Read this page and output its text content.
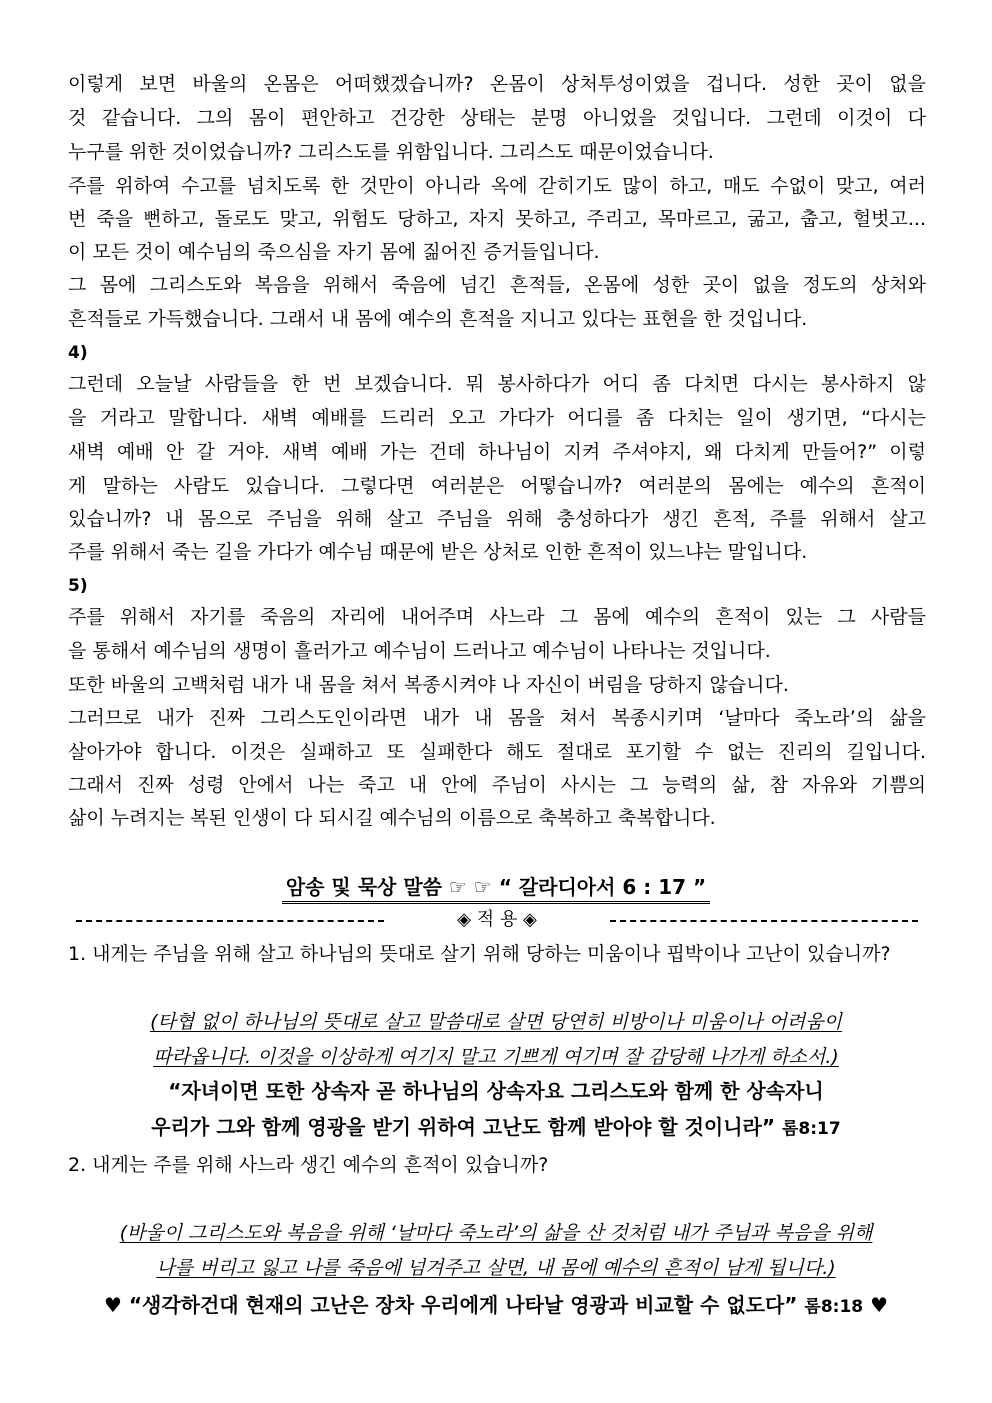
이렇게 보면 바울의 온몸은 어떠했겠습니까? 온몸이 상처투성이였을 겁니다. 성한 곳이 없을
것 같습니다. 그의 몸이 편안하고 건강한 상태는 분명 아니었을 것입니다. 그런데 이것이 다
누구를 위한 것이었습니까? 그리스도를 위함입니다. 그리스도 때문이었습니다.
주를 위하여 수고를 넘치도록 한 것만이 아니라 옥에 갇히기도 많이 하고, 매도 수없이 맞고, 여러
번 죽을 뻔하고, 돌로도 맞고, 위험도 당하고, 자지 못하고, 주리고, 목마르고, 굶고, 춥고, 헐벗고...
이 모든 것이 예수님의 죽으심을 자기 몸에 짊어진 증거들입니다.
그 몸에 그리스도와 복음을 위해서 죽음에 넘긴 흔적들, 온몸에 성한 곳이 없을 정도의 상처와
흔적들로 가득했습니다. 그래서 내 몸에 예수의 흔적을 지니고 있다는 표현을 한 것입니다.
4)
그런데 오늘날 사람들을 한 번 보겠습니다. 뭐 봉사하다가 어디 좀 다치면 다시는 봉사하지 않
을 거라고 말합니다. 새벽 예배를 드리러 오고 가다가 어디를 좀 다치는 일이 생기면, “다시는
새벽 예배 안 갈 거야. 새벽 예배 가는 건데 하나님이 지켜 주셔야지, 왜 다치게 만들어?” 이렇
게 말하는 사람도 있습니다. 그렇다면 여러분은 어떻습니까? 여러분의 몸에는 예수의 흔적이
있습니까? 내 몸으로 주님을 위해 살고 주님을 위해 충성하다가 생긴 흔적, 주를 위해서 살고
주를 위해서 죽는 길을 가다가 예수님 때문에 받은 상처로 인한 흔적이 있느냐는 말입니다.
5)
주를 위해서 자기를 죽음의 자리에 내어주며 사느라 그 몸에 예수의 흔적이 있는 그 사람들
을 통해서 예수님의 생명이 흘러가고 예수님이 드러나고 예수님이 나타나는 것입니다.
또한 바울의 고백처럼 내가 내 몸을 쳐서 복종시켜야 나 자신이 버림을 당하지 않습니다.
그러므로 내가 진짜 그리스도인이라면 내가 내 몸을 쳐서 복종시키며 ‘날마다 죽노라’의 삶을
살아가야 합니다. 이것은 실패하고 또 실패한다 해도 절대로 포기할 수 없는 진리의 길입니다.
그래서 진짜 성령 안에서 나는 죽고 내 안에 주님이 사시는 그 능력의 삶, 참 자유와 기쁨의
삶이 누려지는 복된 인생이 다 되시길 예수님의 이름으로 축복하고 축복합니다.
암송 및 묵상 말씀 ☞ ☞ “ 갈라디아서 6 : 17 ”
◈ 적 용 ◈
1. 내게는 주님을 위해 살고 하나님의 뜻대로 살기 위해 당하는 미움이나 핍박이나 고난이 있습니까?
(타협 없이 하나님의 뜻대로 살고 말씀대로 살면 당연히 비방이나 미움이나 어려움이
따라옵니다. 이것을 이상하게 여기지 말고 기쁘게 여기며 잘 감당해 나가게 하소서.)
“자녀이면 또한 상속자 곧 하나님의 상속자요 그리스도와 함께 한 상속자니
우리가 그와 함께 영광을 받기 위하여 고난도 함께 받아야 할 것이니라” 롬8:17
2. 내게는 주를 위해 사느라 생긴 예수의 흔적이 있습니까?
(바울이 그리스도와 복음을 위해 ‘날마다 죽노라’의 삶을 산 것처럼 내가 주님과 복음을 위해
나를 버리고 잃고 나를 죽음에 넘겨주고 살면, 내 몸에 예수의 흔적이 남게 됩니다.)
♥ “생각하건대 현재의 고난은 장차 우리에게 나타날 영광과 비교할 수 없도다” 롬8:18 ♥
